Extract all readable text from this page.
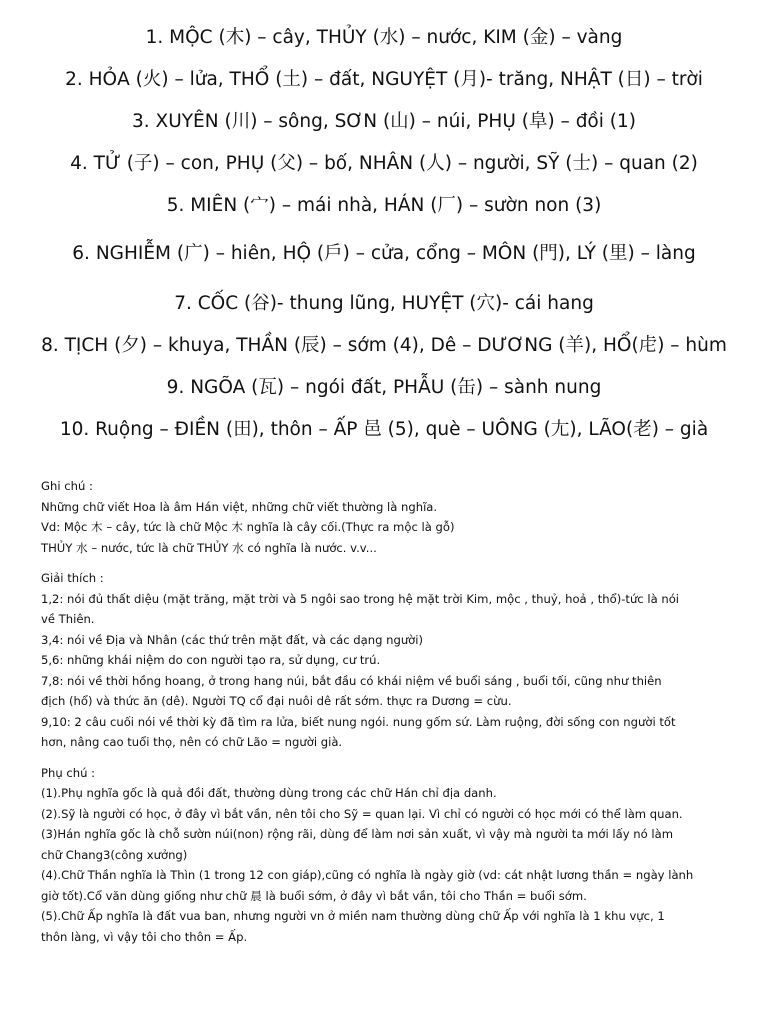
1. MỘC (木) – cây, THỦY (水) – nước, KIM (金) – vàng

2. HỎA (火) – lửa, THỔ (土) – đất, NGUYỆT (月)- trăng, NHẬT (日) – trời

3. XUYÊN (川) – sông, SƠN (山) – núi, PHỤ (阜) – đồi (1)

4. TỬ (子) – con, PHỤ (父) – bố, NHÂN (人) – người, SỸ (士) – quan (2)

5. MIÊN (宀) – mái nhà, HÁN (厂) – sườn non (3)

6. NGHIỄM (广) – hiên, HỘ (戶) – cửa, cổng – MÔN (門), LÝ (里) – làng

7. CỐC (谷)- thung lũng, HUYỆT (穴)- cái hang

8. TỊCH (夕) – khuya, THẦN (辰) – sớm (4), Dê – DƯƠNG (羊), HỔ(虍) – hùm

9. NGÕA (瓦) – ngói đất, PHẪU (缶) – sành nung

10. Ruộng – ĐIỀN (田), thôn – ẤP 邑 (5), què – UÔNG (尢), LÃO(老) – già

Ghi chú :

Những chữ viết Hoa là âm Hán việt, những chữ viết thường là nghĩa.

Vd: Mộc 木 – cây, tức là chữ Mộc 木 nghĩa là cây cối.(Thực ra mộc là gỗ)

THỦY 水 – nước, tức là chữ THỦY 水 có nghĩa là nước. v.v...

Giải thích :

1,2: nói đủ thất diệu (mặt trăng, mặt trời và 5 ngôi sao trong hệ mặt trời Kim, mộc , thuỷ, hoả , thổ)-tức là nói

về Thiên.

3,4: nói về Địa và Nhân (các thứ trên mặt đất, và các dạng người)

5,6: những khái niệm do con người tạo ra, sử dụng, cư trú.

7,8: nói về thời hồng hoang, ở trong hang núi, bắt đầu có khái niệm về buổi sáng , buổi tối, cũng như thiên

địch (hổ) và thức ăn (dê). Người TQ cổ đại nuôi dê rất sớm. thực ra Dương = cừu.

9,10: 2 câu cuối nói về thời kỳ đã tìm ra lửa, biết nung ngói. nung gốm sứ. Làm ruộng, đời sống con người tốt

hơn, nâng cao tuổi thọ, nên có chữ Lão = người già.

Phụ chú :

(1).Phụ nghĩa gốc là quả đồi đất, thường dùng trong các chữ Hán chỉ địa danh.

(2).Sỹ là người có học, ở đây vì bắt vần, nên tôi cho Sỹ = quan lại. Vì chỉ có người có học mới có thể làm quan.

(3)Hán nghĩa gốc là chỗ sườn núi(non) rộng rãi, dùng để làm nơi sản xuất, vì vậy mà người ta mới lấy nó làm

chữ Chang3(công xưởng)

(4).Chữ Thần nghĩa là Thìn (1 trong 12 con giáp),cũng có nghĩa là ngày giờ (vd: cát nhật lương thần = ngày lành

giờ tốt).Cổ văn dùng giống như chữ 晨 là buổi sớm, ở đây vì bắt vần, tôi cho Thần = buổi sớm.

(5).Chữ Ấp nghĩa là đất vua ban, nhưng người vn ở miền nam thường dùng chữ Ấp với nghĩa là 1 khu vực, 1

thôn làng, vì vậy tôi cho thôn = Ấp.
